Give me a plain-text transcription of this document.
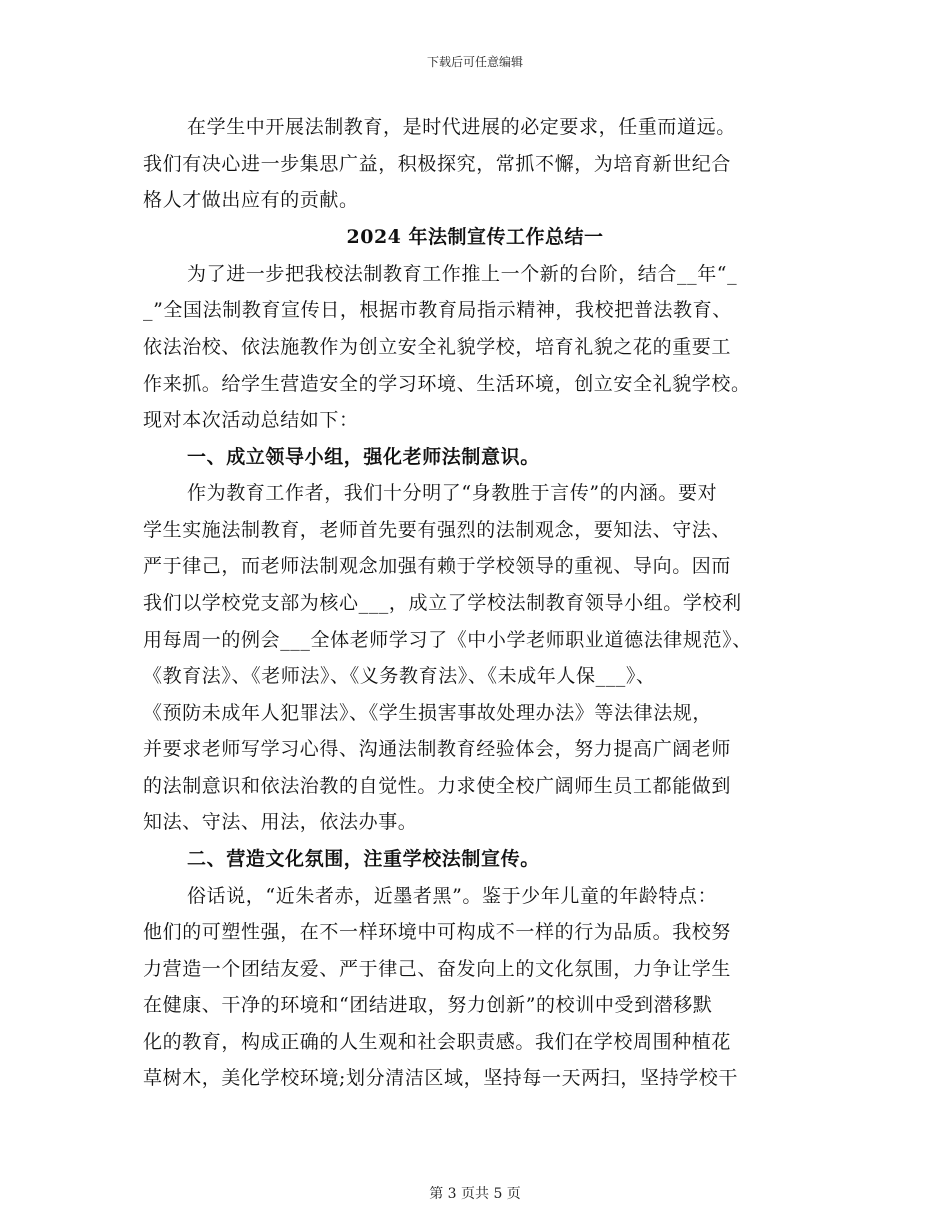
下载后可任意编辑
在学生中开展法制教育，是时代进展的必定要求，任重而道远。
我们有决心进一步集思广益，积极探究，常抓不懈，为培育新世纪合
格人才做出应有的贡献。
2024 年法制宣传工作总结一
为了进一步把我校法制教育工作推上一个新的台阶，结合__年“_
_”全国法制教育宣传日，根据市教育局指示精神，我校把普法教育、
依法治校、依法施教作为创立安全礼貌学校，培育礼貌之花的重要工
作来抓。给学生营造安全的学习环境、生活环境，创立安全礼貌学校。
现对本次活动总结如下：
一、成立领导小组，强化老师法制意识。
作为教育工作者，我们十分明了“身教胜于言传”的内涵。要对
学生实施法制教育，老师首先要有强烈的法制观念，要知法、守法、
严于律己，而老师法制观念加强有赖于学校领导的重视、导向。因而
我们以学校党支部为核心___，成立了学校法制教育领导小组。学校利
用每周一的例会___全体老师学习了《中小学老师职业道德法律规范》、
《教育法》、《老师法》、《义务教育法》、《未成年人保___》、
《预防未成年人犯罪法》、《学生损害事故处理办法》等法律法规，
并要求老师写学习心得、沟通法制教育经验体会，努力提高广阔老师
的法制意识和依法治教的自觉性。力求使全校广阔师生员工都能做到
知法、守法、用法，依法办事。
二、营造文化氛围，注重学校法制宣传。
俗话说，“近朱者赤，近墨者黑”。鉴于少年儿童的年龄特点：
他们的可塑性强，在不一样环境中可构成不一样的行为品质。我校努
力营造一个团结友爱、严于律己、奋发向上的文化氛围，力争让学生
在健康、干净的环境和“团结进取，努力创新”的校训中受到潜移默
化的教育，构成正确的人生观和社会职责感。我们在学校周围种植花
草树木，美化学校环境;划分清洁区域，坚持每一天两扫，坚持学校干
第 3 页共 5 页
